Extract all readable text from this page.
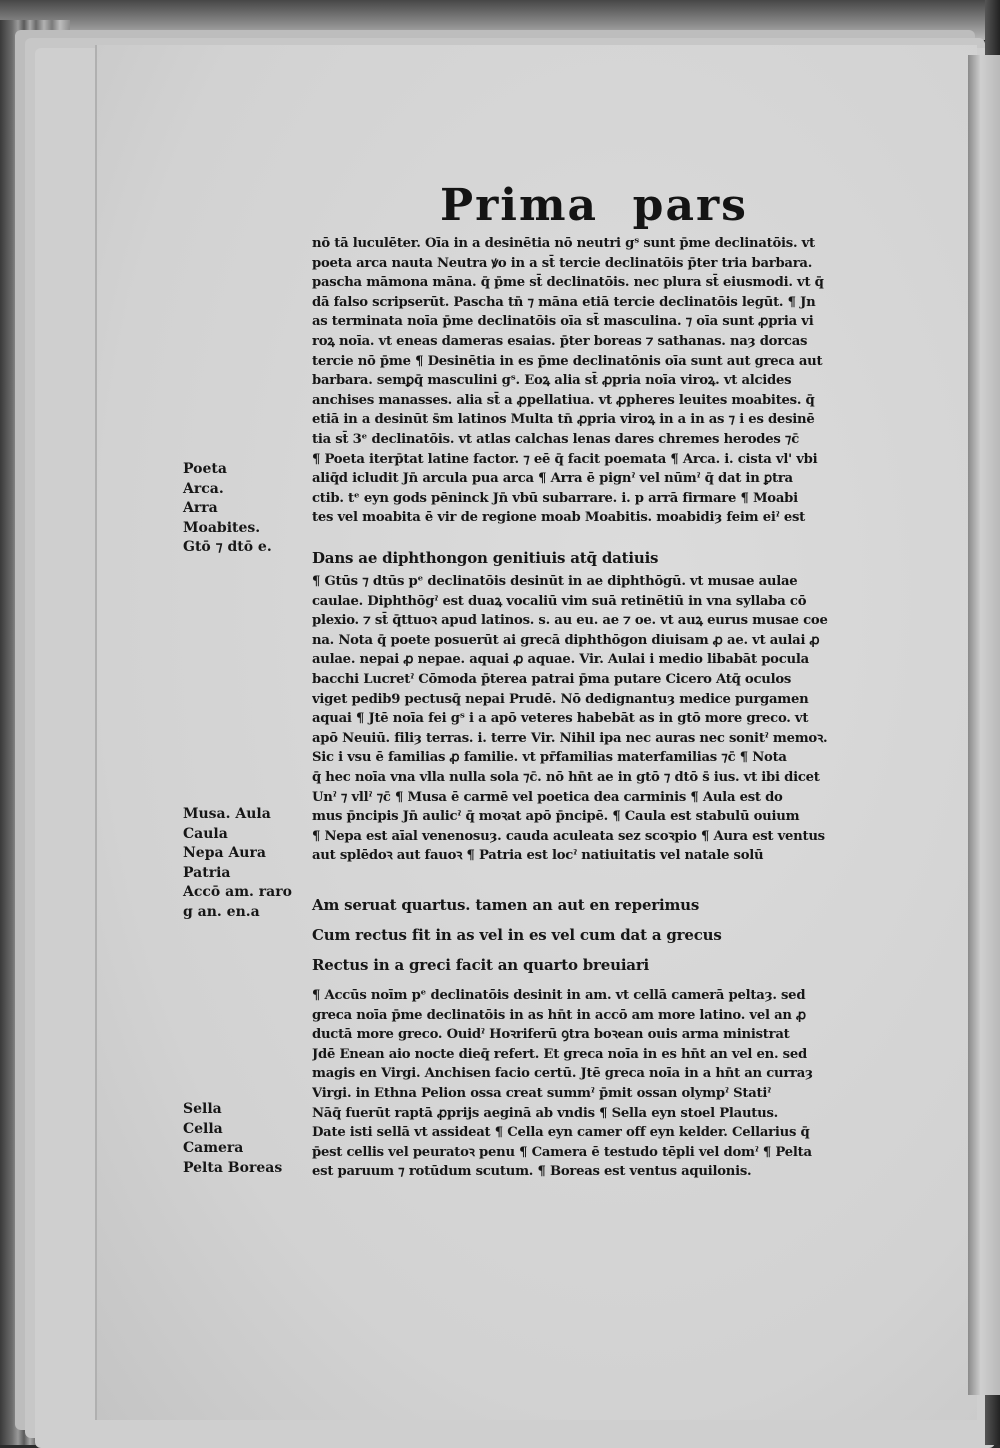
Prima  pars
nō tā luculēter. Oīa in a desinētia nō neutri gˢ sunt p̄me declinatōis. vt
poeta arca nauta Neutra ꝟo in a st̄ tercie declinatōis p̄ter tria barbara.
pascha māmona māna. q̄ p̄me st̄ declinatōis. nec plura st̄ eiusmodi. vt q̄
dā falso scripserūt. Pascha tn̄ ⁊ māna etiā tercie declinatōis legūt. ¶ Jn
as terminata noīa p̄me declinatōis oīa st̄ masculina. ⁊ oīa sunt ꝓpria vi
roꝝ noīa. vt eneas dameras esaias. p̄ter boreas ⁊ sathanas. naȝ dorcas
tercie nō p̄me ¶ Desinētia in es p̄me declinatōnis oīa sunt aut greca aut
barbara. semꝑq̄ masculini gˢ. Eoꝝ alia st̄ ꝓpria noīa viroꝝ. vt alcides
anchises manasses. alia st̄ a ꝓpellatiua. vt ꝓpheres leuites moabites. q̄
etiā in a desinūt s̄m latinos Multa tn̄ ꝓpria viroꝝ in a in as ⁊ i es desinē
tia st̄ 3ᵉ declinatōis. vt atlas calchas lenas dares chremes herodes ⁊c̄
¶ Poeta iterp̄tat latine factor. ⁊ eē q̄ facit poemata ¶ Arca. i. cista vl' vbi
aliq̄d icludit Jn̄ arcula pua arca ¶ Arra ē pignˀ vel nūmˀ q̄ dat in ꝑtra
ctib. tᵉ eyn gods pēninck Jn̄ vbū subarrare. i. p arrā firmare ¶ Moabi
tes vel moabita ē vir de regione moab Moabitis. moabidiȝ feim eiˀ est
Dans ae diphthongon genitiuis atq̄ datiuis
¶ Gtūs ⁊ dtūs pᵉ declinatōis desinūt in ae diphthōgū. vt musae aulae
caulae. Diphthōgˀ est duaꝝ vocaliū vim suā retinētiū in vna syllaba cō
plexio. ⁊ st̄ q̄ttuoꝛ apud latinos. s. au eu. ae ⁊ oe. vt auꝝ eurus musae coe
na. Nota q̄ poete posuerūt ai grecā diphthōgon diuisam ꝓ ae. vt aulai ꝓ
aulae. nepai ꝓ nepae. aquai ꝓ aquae. Vir. Aulai i medio libabāt pocula
bacchi Lucretˀ Cōmoda p̄terea patrai p̄ma putare Cicero Atq̄ oculos
viget pedib9 pectusq̄ nepai Prudē. Nō dedignantuȝ medice purgamen
aquai ¶ Jtē noīa fei gˢ i a apō veteres habebāt as in gtō more greco. vt
apō Neuiū. filiȝ terras. i. terre Vir. Nihil ipa nec auras nec sonitˀ memoꝛ.
Sic i vsu ē familias ꝓ familie. vt pr̄familias materfamilias ⁊c̄ ¶ Nota
q̄ hec noīa vna vlla nulla sola ⁊c̄. nō hn̄t ae in gtō ⁊ dtō s̄ ius. vt ibi dicet
Unˀ ⁊ vllˀ ⁊c̄ ¶ Musa ē carmē vel poetica dea carminis ¶ Aula est do
mus p̄ncipis Jn̄ aulicˀ q̄ moꝛat apō p̄ncipē. ¶ Caula est stabulū ouium
¶ Nepa est aīal venenosuȝ. cauda aculeata sez scoꝛpio ¶ Aura est ventus
aut splēdoꝛ aut fauoꝛ ¶ Patria est locˀ natiuitatis vel natale solū
Am seruat quartus. tamen an aut en reperimus
Cum rectus fit in as vel in es vel cum dat a grecus
Rectus in a greci facit an quarto breuiari
¶ Accūs noīm pᵉ declinatōis desinit in am. vt cellā camerā peltaȝ. sed
greca noīa p̄me declinatōis in as hn̄t in accō am more latino. vel an ꝓ
ductā more greco. Ouidˀ Hoꝛriferū ꝯtra boꝛean ouis arma ministrat
Jdē Enean aio nocte dieq̄ refert. Et greca noīa in es hn̄t an vel en. sed
magis en Virgi. Anchisen facio certū. Jtē greca noīa in a hn̄t an curraȝ
Virgi. in Ethna Pelion ossa creat summˀ p̄mit ossan olympˀ Statiˀ
Nāq̄ fuerūt raptā ꝓprijs aeginā ab vndis ¶ Sella eyn stoel Plautus.
Date isti sellā vt assideat ¶ Cella eyn camer off eyn kelder. Cellarius q̄
p̄est cellis vel peuratoꝛ penu ¶ Camera ē testudo tēpli vel domˀ ¶ Pelta
est paruum ⁊ rotūdum scutum. ¶ Boreas est ventus aquilonis.
Poeta
Arca.
Arra
Moabites.
Gtō ⁊ dtō e.
Musa. Aula
Caula
Nepa Aura
Patria
Accō am. raro
g an. en.a
Sella
Cella
Camera
Pelta Boreas
